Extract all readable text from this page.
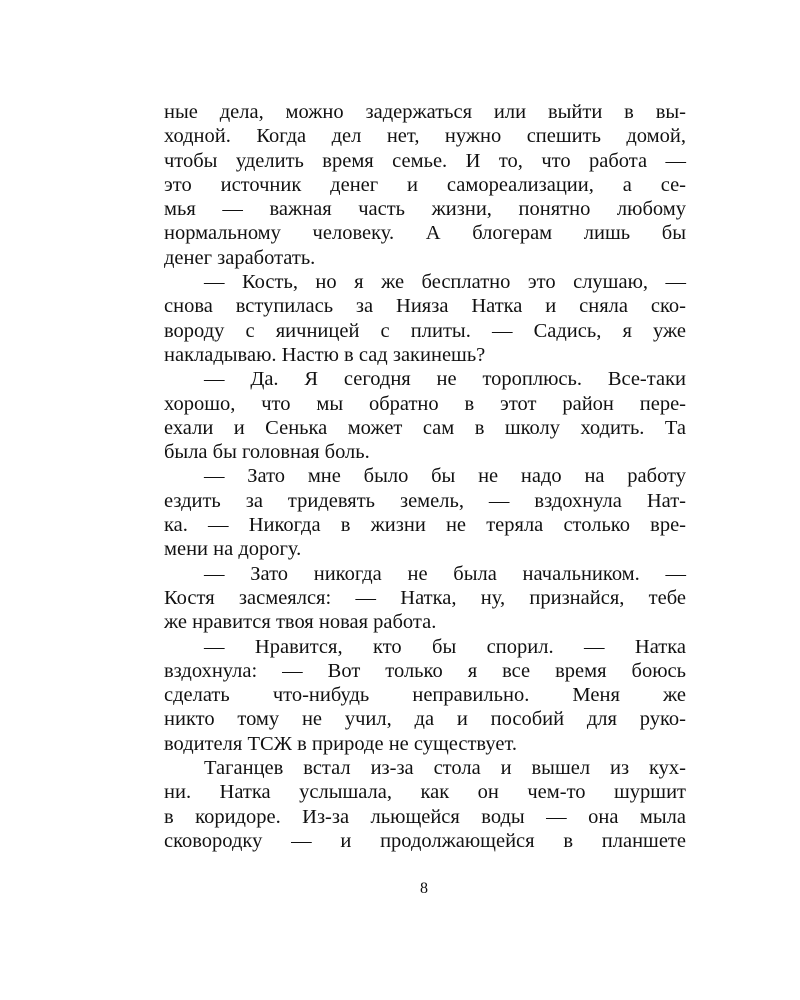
ные дела, можно задержаться или выйти в вы-
ходной. Когда дел нет, нужно спешить домой,
чтобы уделить время семье. И то, что работа —
это источник денег и самореализации, а се-
мья — важная часть жизни, понятно любому
нормальному человеку. А блогерам лишь бы
денег заработать.
— Кость, но я же бесплатно это слушаю, —
снова вступилась за Нияза Натка и сняла ско-
вороду с яичницей с плиты. — Садись, я уже
накладываю. Настю в сад закинешь?
— Да. Я сегодня не тороплюсь. Все-таки
хорошо, что мы обратно в этот район пере-
ехали и Сенька может сам в школу ходить. Та
была бы головная боль.
— Зато мне было бы не надо на работу
ездить за тридевять земель, — вздохнула Нат-
ка. — Никогда в жизни не теряла столько вре-
мени на дорогу.
— Зато никогда не была начальником. —
Костя засмеялся: — Натка, ну, признайся, тебе
же нравится твоя новая работа.
— Нравится, кто бы спорил. — Натка
вздохнула: — Вот только я все время боюсь
сделать что-нибудь неправильно. Меня же
никто тому не учил, да и пособий для руко-
водителя ТСЖ в природе не существует.
Таганцев встал из-за стола и вышел из кух-
ни. Натка услышала, как он чем-то шуршит
в коридоре. Из-за льющейся воды — она мыла
сковородку — и продолжающейся в планшете
8
